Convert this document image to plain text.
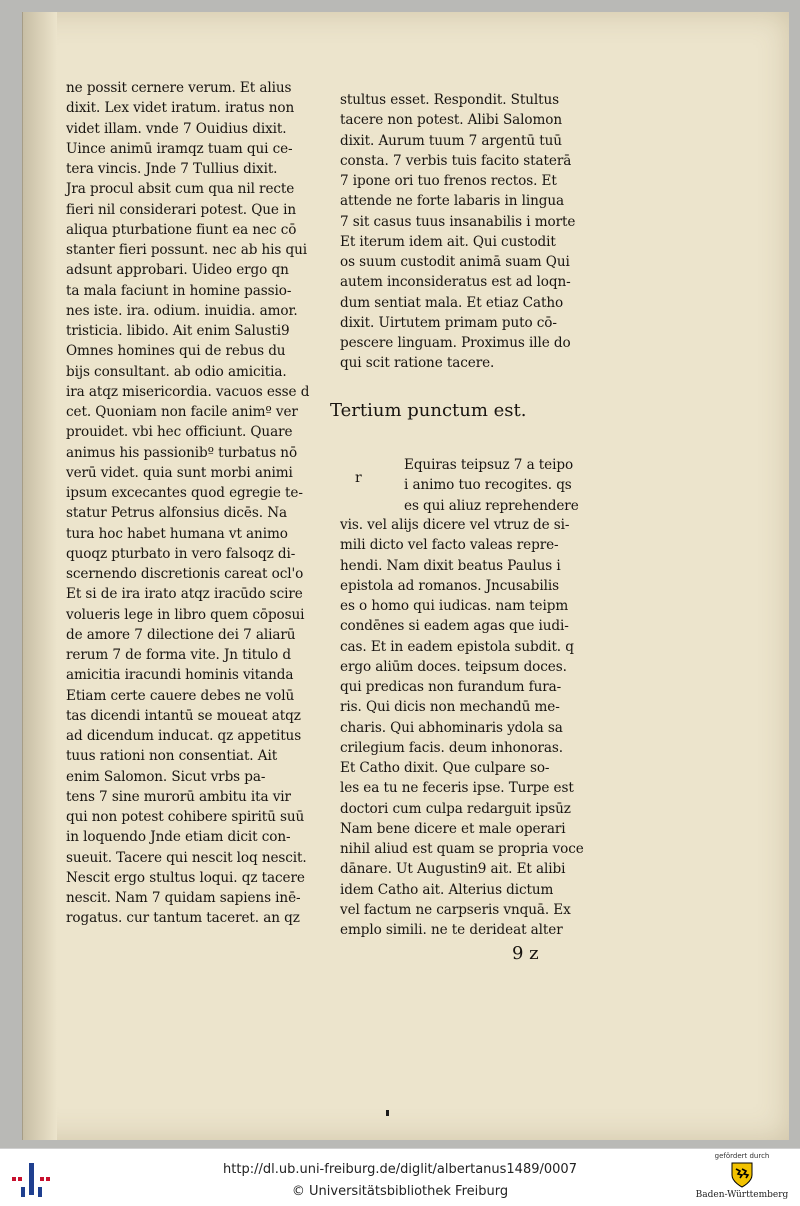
ne possit cernere verum. Et alius
dixit. Lex videt iratum. iratus non
videt illam. vnde 7 Ouidius dixit.
Uince animū iramqz tuam qui ce-
tera vincis. Jnde 7 Tullius dixit.
Jra procul absit cum qua nil recte
fieri nil considerari potest. Que in
aliqua pturbatione fiunt ea nec cō
stanter fieri possunt. nec ab his qui
adsunt approbari. Uideo ergo qn
ta mala faciunt in homine passio-
nes iste. ira. odium. inuidia. amor.
tristicia. libido. Ait enim Salusti9
Omnes homines qui de rebus du
bijs consultant. ab odio amicitia.
ira atqz misericordia. vacuos esse d
cet. Quoniam non facile animº ver
prouidet. vbi hec officiunt. Quare
animus his passionibº turbatus nō
verū videt. quia sunt morbi animi
ipsum excecantes quod egregie te-
statur Petrus alfonsius dicēs. Na
tura hoc habet humana vt animo
quoqz pturbato in vero falsoqz di-
scernendo discretionis careat ocl'o
Et si de ira irato atqz iracūdo scire
volueris lege in libro quem cōposui
de amore 7 dilectione dei 7 aliarū
rerum 7 de forma vite. Jn titulo d
amicitia iracundi hominis vitanda
Etiam certe cauere debes ne volū
tas dicendi intantū se moueat atqz
ad dicendum inducat. qz appetitus
tuus rationi non consentiat. Ait
enim Salomon. Sicut vrbs pa-
tens 7 sine murorū ambitu ita vir
qui non potest cohibere spiritū suū
in loquendo Jnde etiam dicit con-
sueuit. Tacere qui nescit loq nescit.
Nescit ergo stultus loqui. qz tacere
nescit. Nam 7 quidam sapiens inē-
rogatus. cur tantum taceret. an qz
stultus esset. Respondit. Stultus
tacere non potest. Alibi Salomon
dixit. Aurum tuum 7 argentū tuū
consta. 7 verbis tuis facito staterā
7 ipone ori tuo frenos rectos. Et
attende ne forte labaris in lingua
7 sit casus tuus insanabilis i morte
Et iterum idem ait. Qui custodit
os suum custodit animā suam Qui
autem inconsideratus est ad loqn-
dum sentiat mala. Et etiaz Catho
dixit. Uirtutem primam puto cō-
pescere linguam. Proximus ille do
qui scit ratione tacere.
Tertium punctum est.
r
Equiras teipsuz 7 a teipo
i animo tuo recogites. qs
es qui aliuz reprehendere
vis. vel alijs dicere vel vtruz de si-
mili dicto vel facto valeas repre-
hendi. Nam dixit beatus Paulus i
epistola ad romanos. Jncusabilis
es o homo qui iudicas. nam teipm
condēnes si eadem agas que iudi-
cas. Et in eadem epistola subdit. q
ergo aliūm doces. teipsum doces.
qui predicas non furandum fura-
ris. Qui dicis non mechandū me-
charis. Qui abhominaris ydola sa
crilegium facis. deum inhonoras.
Et Catho dixit. Que culpare so-
les ea tu ne feceris ipse. Turpe est
doctori cum culpa redarguit ipsūz
Nam bene dicere et male operari
nihil aliud est quam se propria voce
dānare. Ut Augustin9 ait. Et alibi
idem Catho ait. Alterius dictum
vel factum ne carpseris vnquā. Ex
emplo simili. ne te derideat alter
9 z
http://dl.ub.uni-freiburg.de/diglit/albertanus1489/0007
© Universitätsbibliothek Freiburg
gefördert durch
Baden-Württemberg
